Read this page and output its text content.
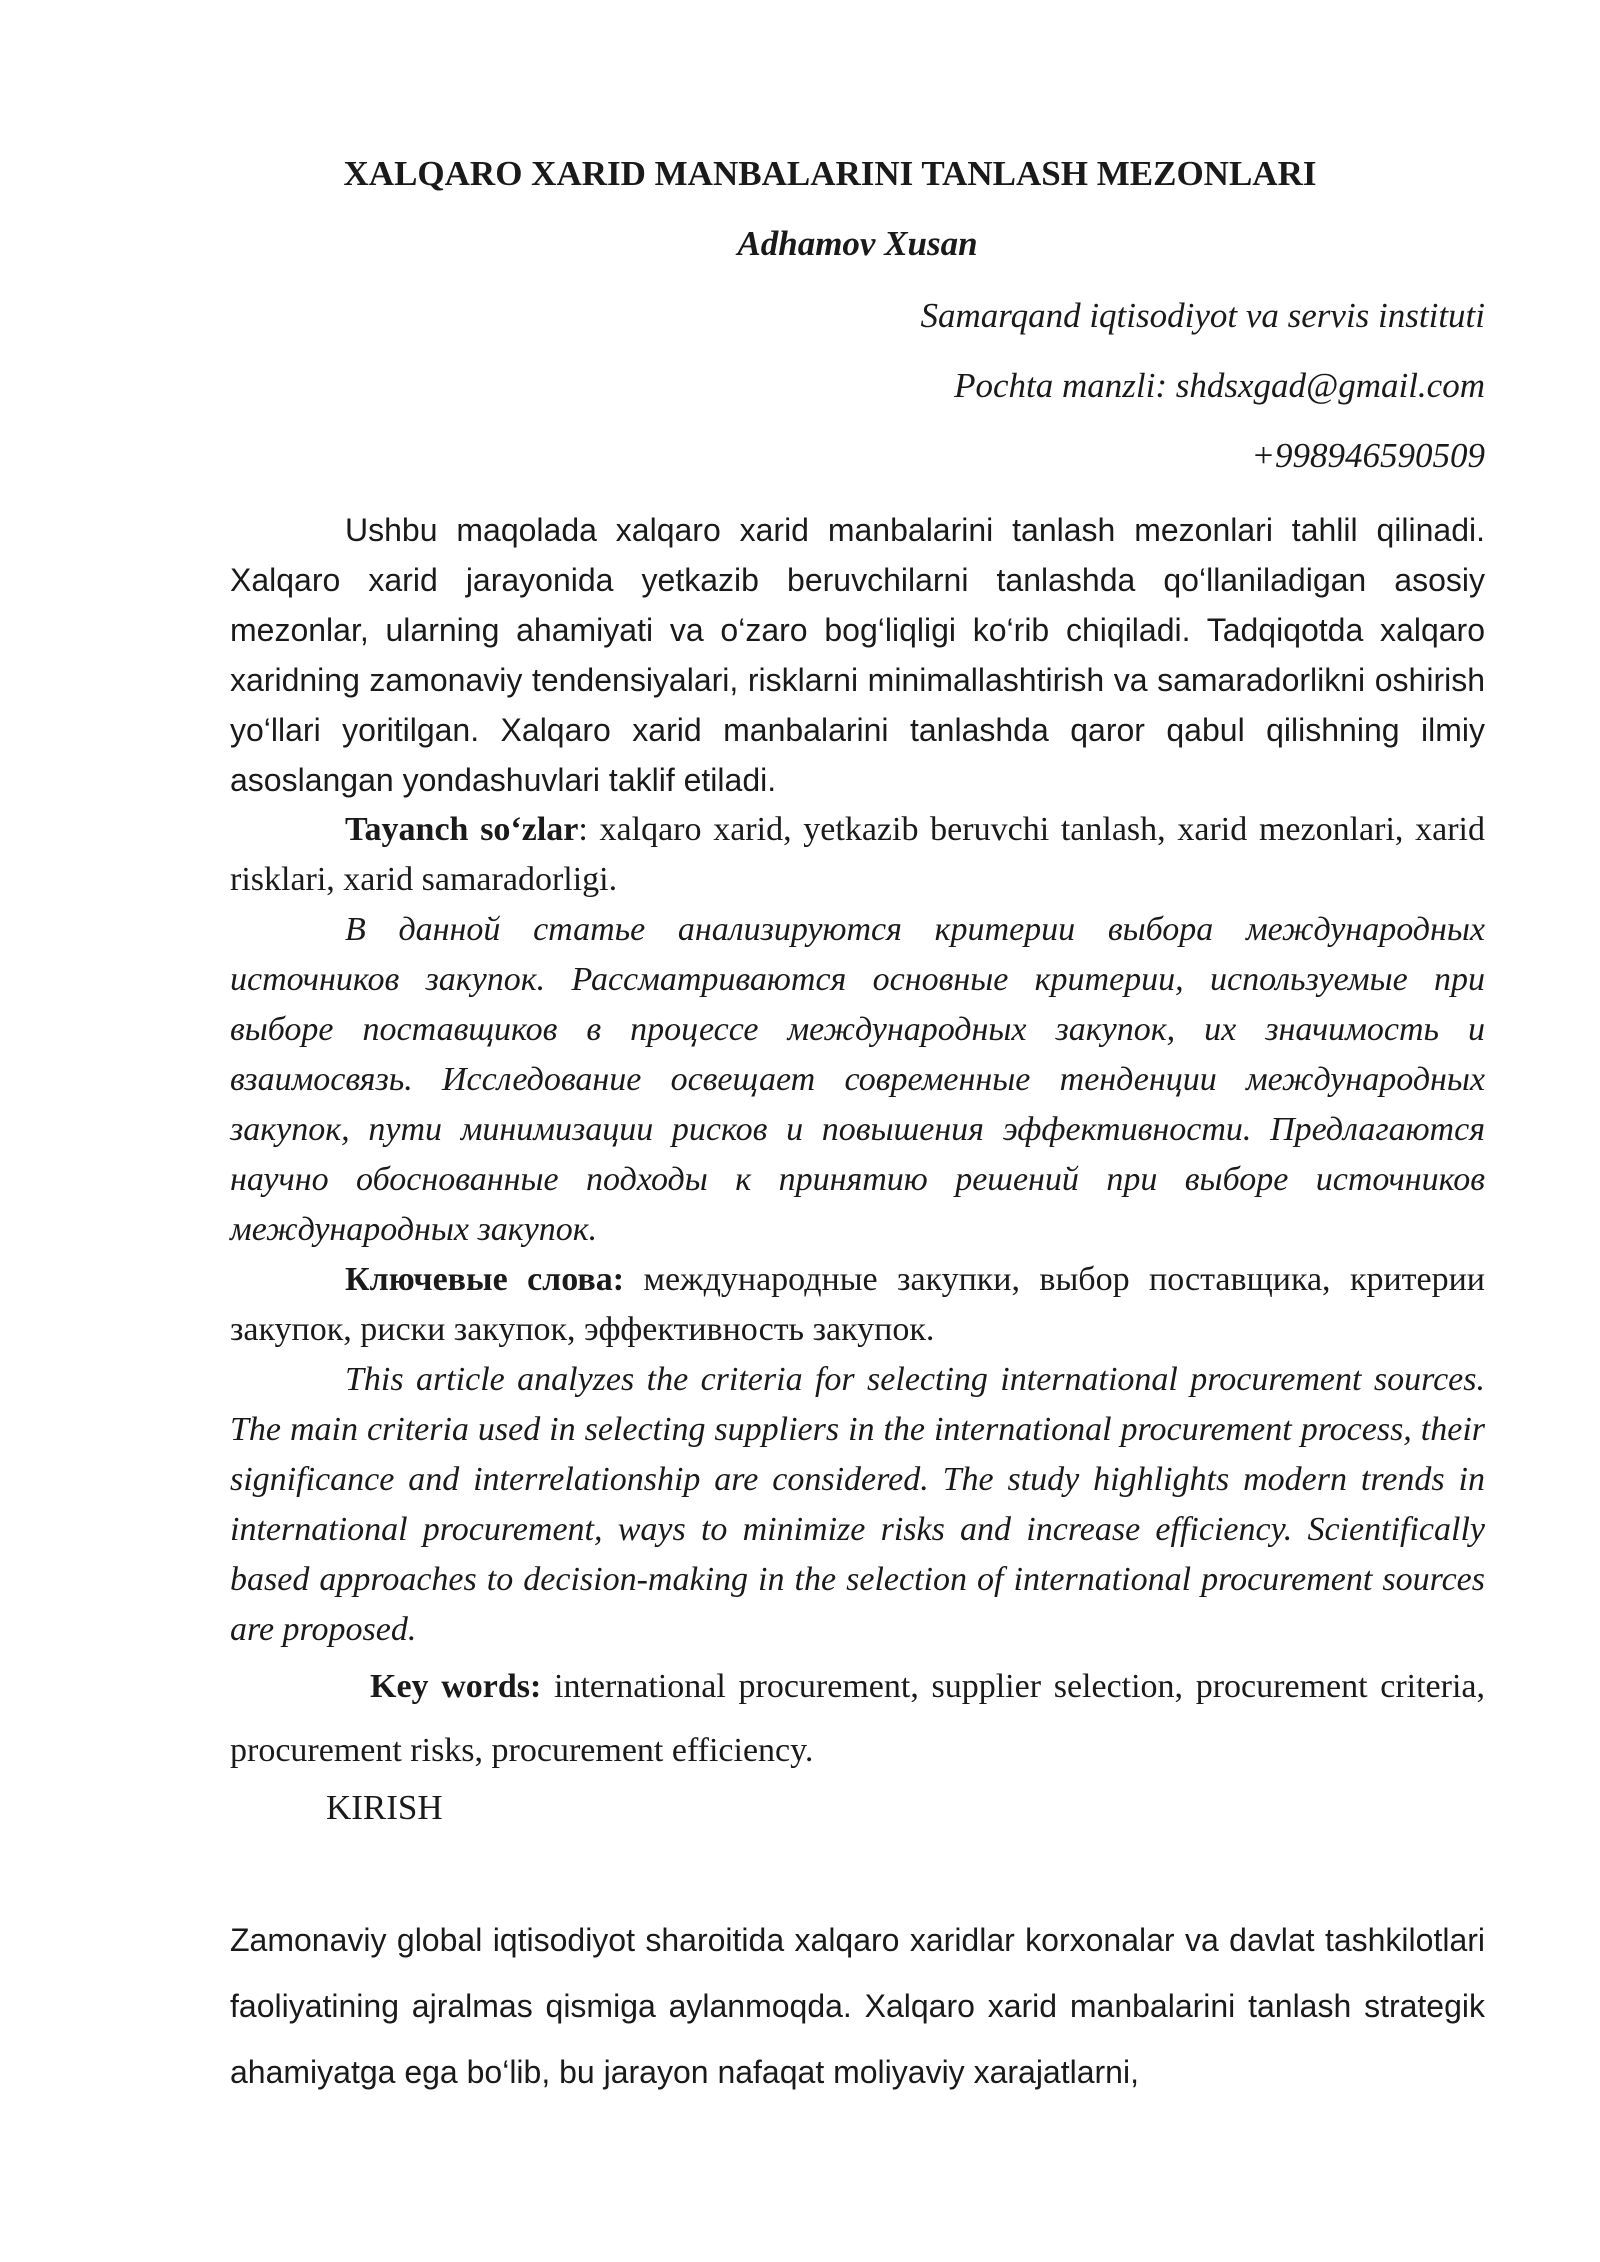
XALQARO XARID MANBALARINI TANLASH MEZONLARI
Adhamov Xusan
Samarqand iqtisodiyot va servis instituti
Pochta manzli: shdsxgad@gmail.com
+998946590509

Ushbu maqolada xalqaro xarid manbalarini tanlash mezonlari tahlil qilinadi. Xalqaro xarid jarayonida yetkazib beruvchilarni tanlashda qo‘llaniladigan asosiy mezonlar, ularning ahamiyati va o‘zaro bog‘liqligi ko‘rib chiqiladi. Tadqiqotda xalqaro xaridning zamonaviy tendensiyalari, risklarni minimallashtirish va samaradorlikni oshirish yo‘llari yoritilgan. Xalqaro xarid manbalarini tanlashda qaror qabul qilishning ilmiy asoslangan yondashuvlari taklif etiladi.

Tayanch so‘zlar: xalqaro xarid, yetkazib beruvchi tanlash, xarid mezonlari, xarid risklari, xarid samaradorligi.

В данной статье анализируются критерии выбора международных источников закупок. Рассматриваются основные критерии, используемые при выборе поставщиков в процессе международных закупок, их значимость и взаимосвязь. Исследование освещает современные тенденции международных закупок, пути минимизации рисков и повышения эффективности. Предлагаются научно обоснованные подходы к принятию решений при выборе источников международных закупок.

Ключевые слова: международные закупки, выбор поставщика, критерии закупок, риски закупок, эффективность закупок.

This article analyzes the criteria for selecting international procurement sources. The main criteria used in selecting suppliers in the international procurement process, their significance and interrelationship are considered. The study highlights modern trends in international procurement, ways to minimize risks and increase efficiency. Scientifically based approaches to decision-making in the selection of international procurement sources are proposed.

Key words: international procurement, supplier selection, procurement criteria, procurement risks, procurement efficiency.

KIRISH

Zamonaviy global iqtisodiyot sharoitida xalqaro xaridlar korxonalar va davlat tashkilotlari faoliyatining ajralmas qismiga aylanmoqda. Xalqaro xarid manbalarini tanlash strategik ahamiyatga ega bo‘lib, bu jarayon nafaqat moliyaviy xarajatlarni,
